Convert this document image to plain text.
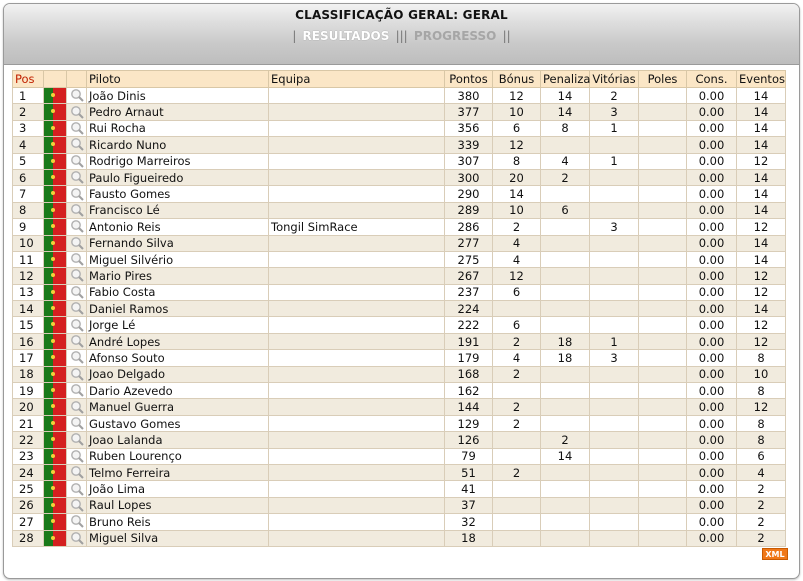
CLASSIFICAÇÃO GERAL: GERAL
| RESULTADOS ||| PROGRESSO ||
Pos			Piloto	Equipa	Pontos	Bónus	Penaliza	Vitórias	Poles	Cons.	Eventos
1			João Dinis		380	12	14	2		0.00	14
2			Pedro Arnaut		377	10	14	3		0.00	14
3			Rui Rocha		356	6	8	1		0.00	14
4			Ricardo Nuno		339	12				0.00	14
5			Rodrigo Marreiros		307	8	4	1		0.00	12
6			Paulo Figueiredo		300	20	2			0.00	14
7			Fausto Gomes		290	14				0.00	14
8			Francisco Lé		289	10	6			0.00	14
9			Antonio Reis	Tongil SimRace	286	2		3		0.00	12
10			Fernando Silva		277	4				0.00	14
11			Miguel Silvério		275	4				0.00	14
12			Mario Pires		267	12				0.00	12
13			Fabio Costa		237	6				0.00	12
14			Daniel Ramos		224					0.00	14
15			Jorge Lé		222	6				0.00	12
16			André Lopes		191	2	18	1		0.00	12
17			Afonso Souto		179	4	18	3		0.00	8
18			Joao Delgado		168	2				0.00	10
19			Dario Azevedo		162					0.00	8
20			Manuel Guerra		144	2				0.00	12
21			Gustavo Gomes		129	2				0.00	8
22			Joao Lalanda		126		2			0.00	8
23			Ruben Lourenço		79		14			0.00	6
24			Telmo Ferreira		51	2				0.00	4
25			João Lima		41					0.00	2
26			Raul Lopes		37					0.00	2
27			Bruno Reis		32					0.00	2
28			Miguel Silva		18					0.00	2
XML
